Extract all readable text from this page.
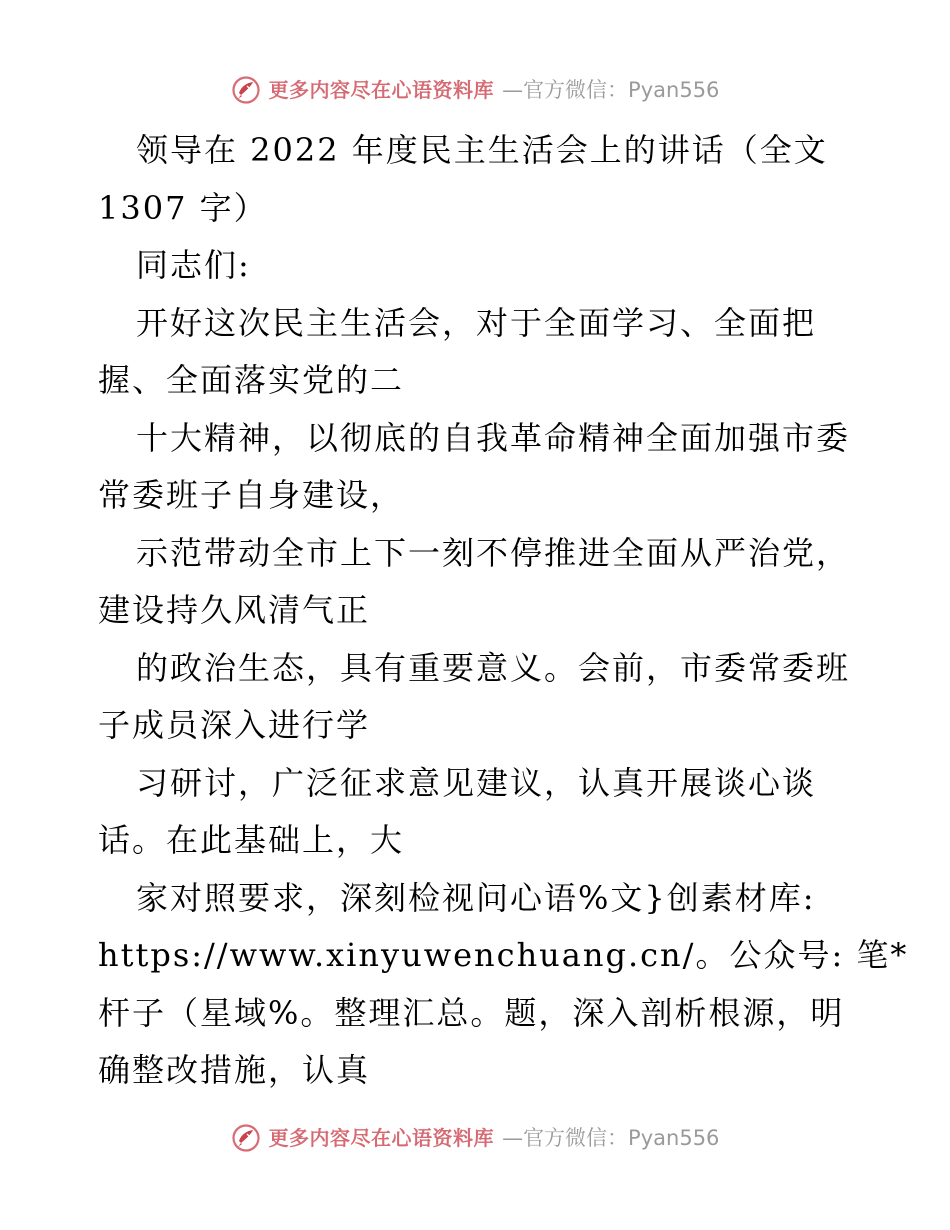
更多内容尽在心语资料库 —官方微信：Pyan556
领导在 2022 年度民主生活会上的讲话（全文
1307 字）
同志们:
开好这次民主生活会，对于全面学习、全面把
握、全面落实党的二
十大精神，以彻底的自我革命精神全面加强市委
常委班子自身建设，
示范带动全市上下一刻不停推进全面从严治党，
建设持久风清气正
的政治生态，具有重要意义。会前，市委常委班
子成员深入进行学
习研讨，广泛征求意见建议，认真开展谈心谈
话。在此基础上，大
家对照要求，深刻检视问心语%文}创素材库:
https://www.xinyuwenchuang.cn/。公众号: 笔*
杆子（星域%。整理汇总。题，深入剖析根源，明
确整改措施，认真
更多内容尽在心语资料库 —官方微信：Pyan556
